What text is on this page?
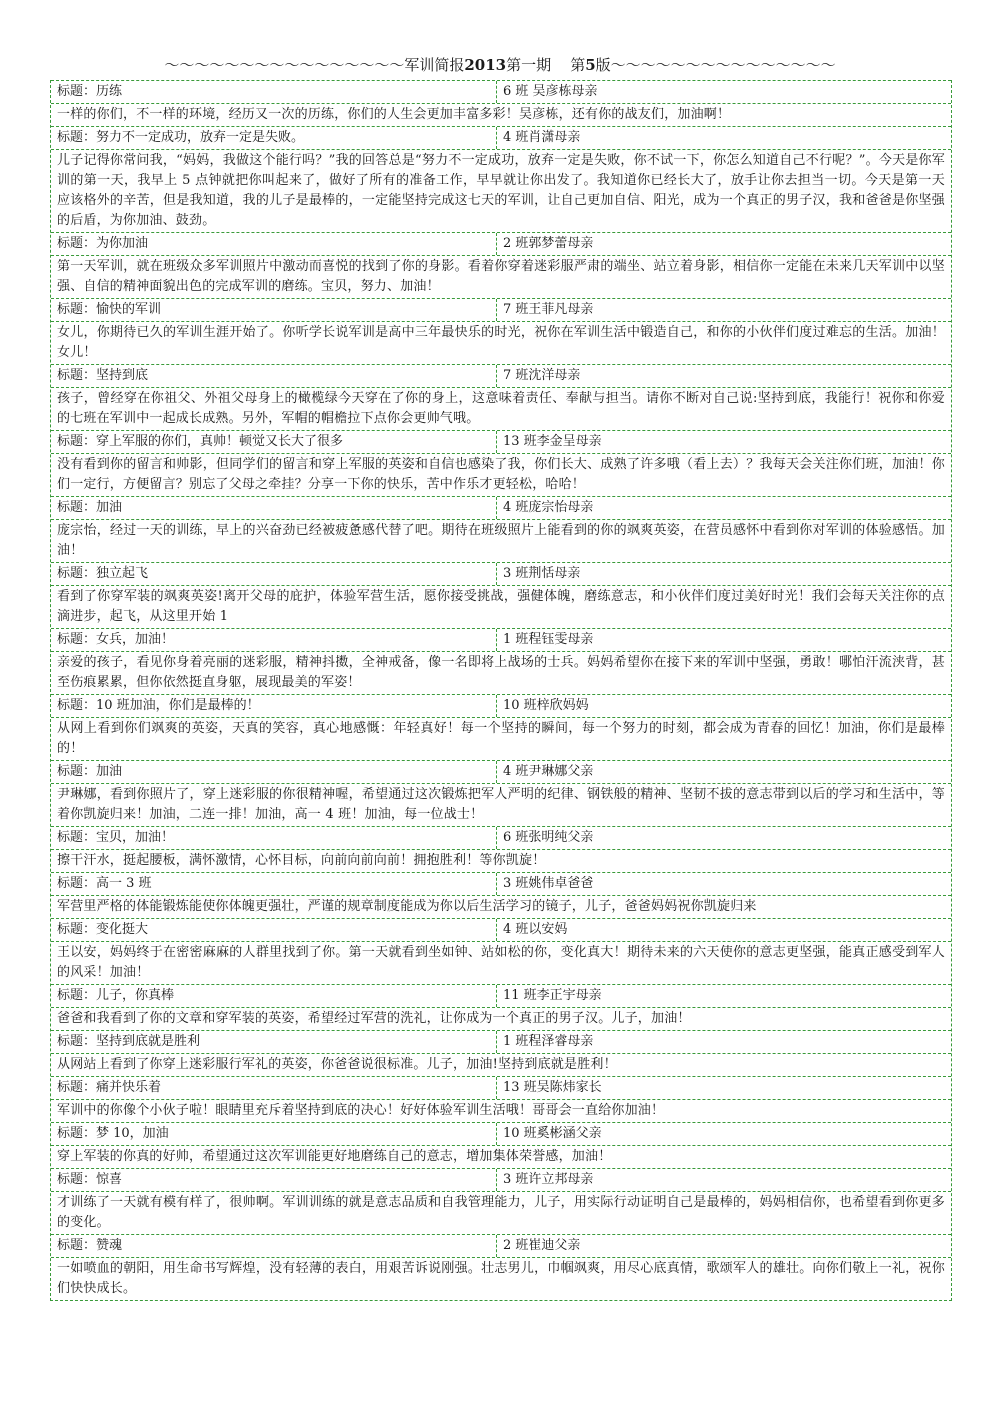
～～～～～～～～～～～～～～～～军训简报2013第一期 第5版～～～～～～～～～～～～～～～
标题：历练	6 班 吴彦栋母亲
一样的你们，不一样的环境，经历又一次的历练，你们的人生会更加丰富多彩！吴彦栋，还有你的战友们，加油啊！
标题：努力不一定成功，放弃一定是失败。	4 班肖潇母亲
儿子记得你常问我，“妈妈，我做这个能行吗？”我的回答总是“努力不一定成功，放弃一定是失败，你不试一下，你怎么知道自己不行呢？”。今天是你军训的第一天，我早上 5 点钟就把你叫起来了，做好了所有的准备工作，早早就让你出发了。我知道你已经长大了，放手让你去担当一切。今天是第一天应该格外的辛苦，但是我知道，我的儿子是最棒的，一定能坚持完成这七天的军训，让自己更加自信、阳光，成为一个真正的男子汉，我和爸爸是你坚强的后盾，为你加油、鼓劲。
标题：为你加油	2 班郭梦蕾母亲
第一天军训，就在班级众多军训照片中激动而喜悦的找到了你的身影。看着你穿着迷彩服严肃的端坐、站立着身影，相信你一定能在未来几天军训中以坚强、自信的精神面貌出色的完成军训的磨练。宝贝，努力、加油！
标题：愉快的军训	7 班王菲凡母亲
女儿，你期待已久的军训生涯开始了。你听学长说军训是高中三年最快乐的时光，祝你在军训生活中锻造自己，和你的小伙伴们度过难忘的生活。加油！女儿！
标题：坚持到底	7 班沈洋母亲
孩子，曾经穿在你祖父、外祖父母身上的橄榄绿今天穿在了你的身上，这意味着责任、奉献与担当。请你不断对自己说:坚持到底，我能行！祝你和你爱的七班在军训中一起成长成熟。另外，军帽的帽檐拉下点你会更帅气哦。
标题：穿上军服的你们，真帅！顿觉又长大了很多	13 班李金呈母亲
没有看到你的留言和帅影，但同学们的留言和穿上军服的英姿和自信也感染了我，你们长大、成熟了许多哦（看上去）？我每天会关注你们班，加油！你们一定行，方便留言？别忘了父母之牵挂？分享一下你的快乐，苦中作乐才更轻松，哈哈！
标题：加油	4 班庞宗怡母亲
庞宗怡，经过一天的训练，早上的兴奋劲已经被疲惫感代替了吧。期待在班级照片上能看到的你的飒爽英姿，在营员感怀中看到你对军训的体验感悟。加油！
标题：独立起飞	3 班荆恬母亲
看到了你穿军装的飒爽英姿!离开父母的庇护，体验军营生活，愿你接受挑战，强健体魄，磨练意志，和小伙伴们度过美好时光！我们会每天关注你的点滴进步，起飞，从这里开始 1
标题：女兵，加油！	1 班程钰雯母亲
亲爱的孩子，看见你身着亮丽的迷彩服，精神抖擞，全神戒备，像一名即将上战场的士兵。妈妈希望你在接下来的军训中坚强，勇敢！哪怕汗流浃背，甚至伤痕累累，但你依然挺直身躯，展现最美的军姿！
标题：10 班加油，你们是最棒的！	10 班梓欣妈妈
从网上看到你们飒爽的英姿，天真的笑容，真心地感慨：年轻真好！每一个坚持的瞬间，每一个努力的时刻，都会成为青春的回忆！加油，你们是最棒的！
标题：加油	4 班尹琳娜父亲
尹琳娜，看到你照片了，穿上迷彩服的你很精神喔，希望通过这次锻炼把军人严明的纪律、钢铁般的精神、坚韧不拔的意志带到以后的学习和生活中，等着你凯旋归来！加油，二连一排！加油，高一 4 班！加油，每一位战士！
标题：宝贝，加油！	6 班张明纯父亲
擦干汗水，挺起腰板，满怀激情，心怀目标，向前向前向前！拥抱胜利！等你凯旋！
标题：高一 3 班	3 班姚伟卓爸爸
军营里严格的体能锻炼能使你体魄更强壮，严谨的规章制度能成为你以后生活学习的镜子，儿子，爸爸妈妈祝你凯旋归来
标题：变化挺大	4 班以安妈
王以安，妈妈终于在密密麻麻的人群里找到了你。第一天就看到坐如钟、站如松的你，变化真大！期待未来的六天使你的意志更坚强，能真正感受到军人的风采！加油！
标题：儿子，你真棒	11 班李正宇母亲
爸爸和我看到了你的文章和穿军装的英姿，希望经过军营的洗礼，让你成为一个真正的男子汉。儿子，加油！
标题：坚持到底就是胜利	1 班程泽睿母亲
从网站上看到了你穿上迷彩服行军礼的英姿，你爸爸说很标准。儿子，加油!坚持到底就是胜利！
标题：痛并快乐着	13 班吴陈炜家长
军训中的你像个小伙子啦！眼睛里充斥着坚持到底的决心！好好体验军训生活哦！哥哥会一直给你加油！
标题：梦 10，加油	10 班奚彬涵父亲
穿上军装的你真的好帅，希望通过这次军训能更好地磨练自己的意志，增加集体荣誉感，加油！
标题：惊喜	3 班许立邦母亲
才训练了一天就有模有样了，很帅啊。军训训练的就是意志品质和自我管理能力，儿子，用实际行动证明自己是最棒的，妈妈相信你，也希望看到你更多的变化。
标题：赞魂	2 班崔迪父亲
一如喷血的朝阳，用生命书写辉煌，没有轻薄的表白，用艰苦诉说刚强。壮志男儿，巾帼飒爽，用尽心底真情，歌颂军人的雄壮。向你们敬上一礼，祝你们快快成长。
